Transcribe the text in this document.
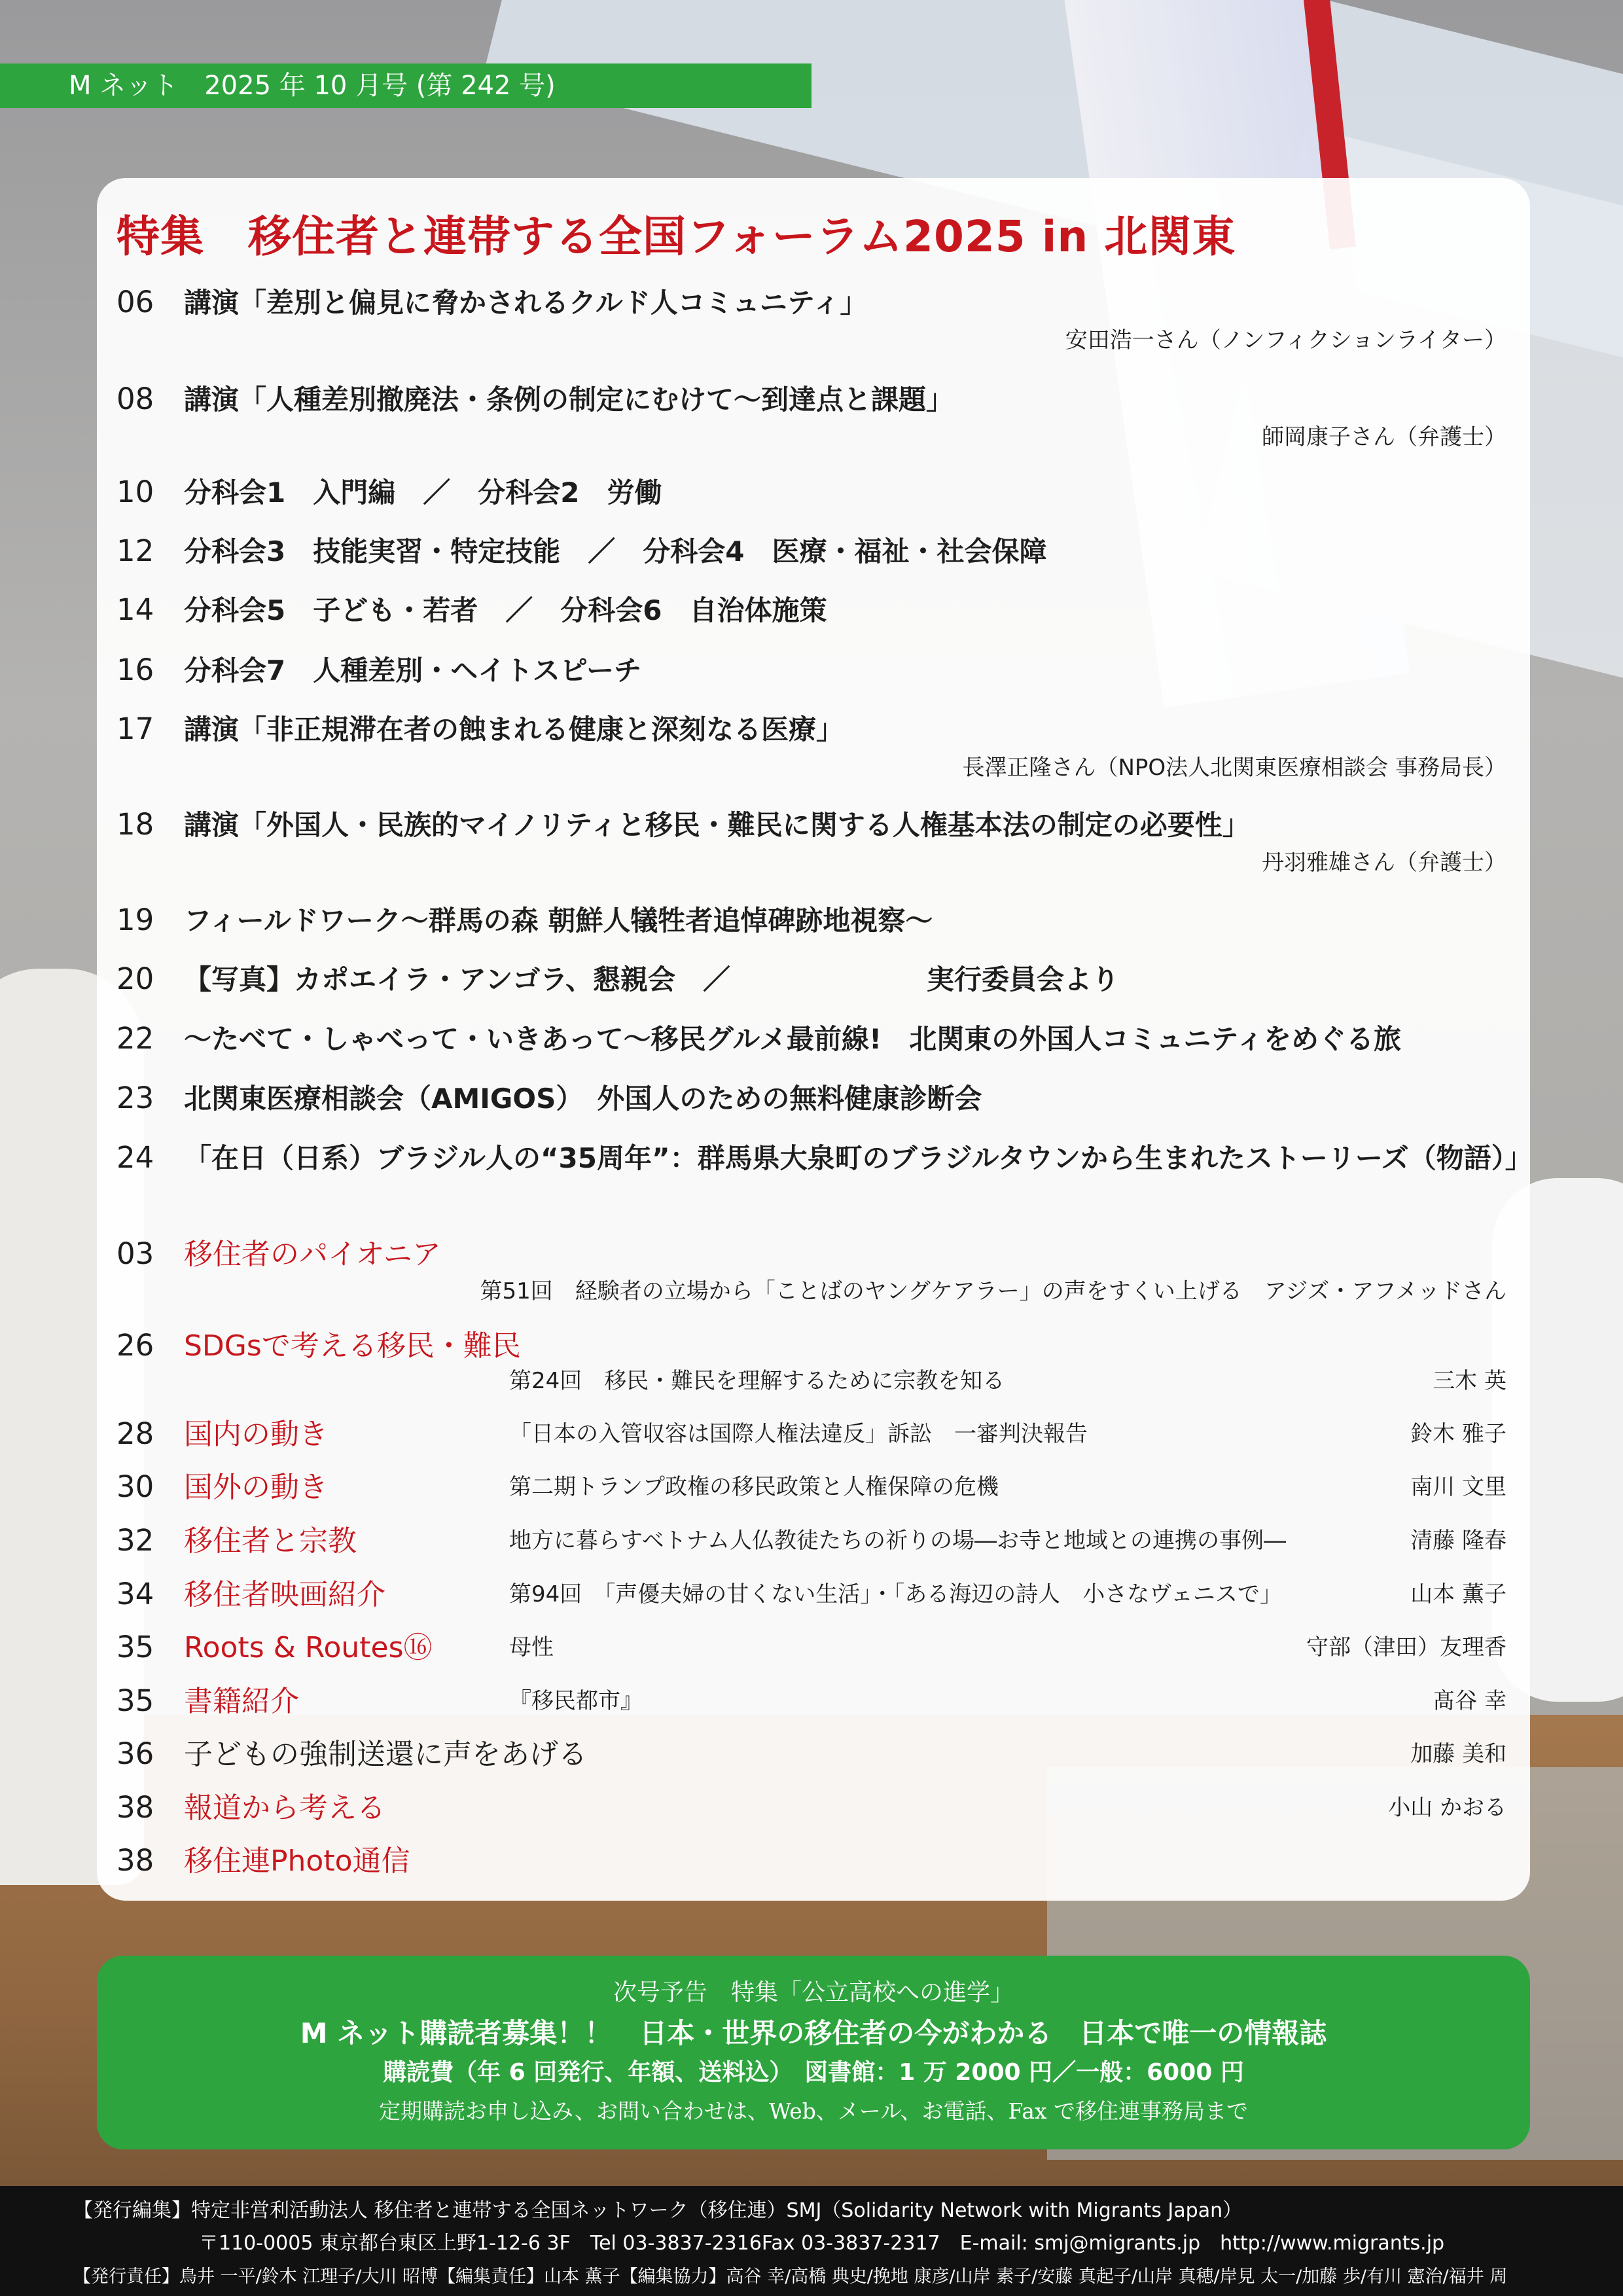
M ネット　2025 年 10 月号 (第 242 号)
特集　移住者と連帯する全国フォーラム2025 in 北関東
06 講演「差別と偏見に脅かされるクルド人コミュニティ」
安田浩一さん（ノンフィクションライター）
08 講演「人種差別撤廃法・条例の制定にむけて〜到達点と課題」
師岡康子さん（弁護士）
10 分科会1　入門編　／　分科会2　労働
12 分科会3　技能実習・特定技能　／　分科会4　医療・福祉・社会保障
14 分科会5　子ども・若者　／　分科会6　自治体施策
16 分科会7　人種差別・ヘイトスピーチ
17 講演「非正規滞在者の蝕まれる健康と深刻なる医療」
長澤正隆さん（NPO法人北関東医療相談会 事務局長）
18 講演「外国人・民族的マイノリティと移民・難民に関する人権基本法の制定の必要性」
丹羽雅雄さん（弁護士）
19 フィールドワーク〜群馬の森 朝鮮人犠牲者追悼碑跡地視察〜
20 【写真】カポエイラ・アンゴラ、懇親会　／	実行委員会より
22 〜たべて・しゃべって・いきあって〜移民グルメ最前線!　北関東の外国人コミュニティをめぐる旅
23 北関東医療相談会（AMIGOS）　外国人のための無料健康診断会
24 「在日（日系）ブラジル人の“35周年”：群馬県大泉町のブラジルタウンから生まれたストーリーズ（物語）」
03 移住者のパイオニア
第51回　経験者の立場から「ことばのヤングケアラー」の声をすくい上げる　アジズ・アフメッドさん
26 SDGsで考える移民・難民
第24回　移民・難民を理解するために宗教を知る	三木 英
28 国内の動き	「日本の入管収容は国際人権法違反」訴訟　一審判決報告	鈴木 雅子
30 国外の動き	第二期トランプ政権の移民政策と人権保障の危機	南川 文里
32 移住者と宗教	地方に暮らすベトナム人仏教徒たちの祈りの場―お寺と地域との連携の事例―	清藤 隆春
34 移住者映画紹介	第94回　「声優夫婦の甘くない生活」・「ある海辺の詩人　小さなヴェニスで」	山本 薫子
35 Roots & Routes⑯	母性	守部（津田）友理香
35 書籍紹介	『移民都市』	髙谷 幸
36 子どもの強制送還に声をあげる	加藤 美和
38 報道から考える	小山 かおる
38 移住連Photo通信
次号予告　特集「公立高校への進学」
M ネット購読者募集！！　日本・世界の移住者の今がわかる　日本で唯一の情報誌
購読費（年 6 回発行、年額、送料込）　図書館：1 万 2000 円／一般：6000 円
定期購読お申し込み、お問い合わせは、Web、メール、お電話、Fax で移住連事務局まで
【発行編集】特定非営利活動法人 移住者と連帯する全国ネットワーク（移住連）SMJ（Solidarity Network with Migrants Japan）
〒110-0005 東京都台東区上野1-12-6 3F　Tel 03-3837-2316Fax 03-3837-2317　E-mail: smj@migrants.jp　http://www.migrants.jp
【発行責任】鳥井 一平/鈴木 江理子/大川 昭博【編集責任】山本 薫子【編集協力】高谷 幸/高橋 典史/挽地 康彦/山岸 素子/安藤 真起子/山岸 真穂/岸見 太一/加藤 歩/有川 憲治/福井 周
